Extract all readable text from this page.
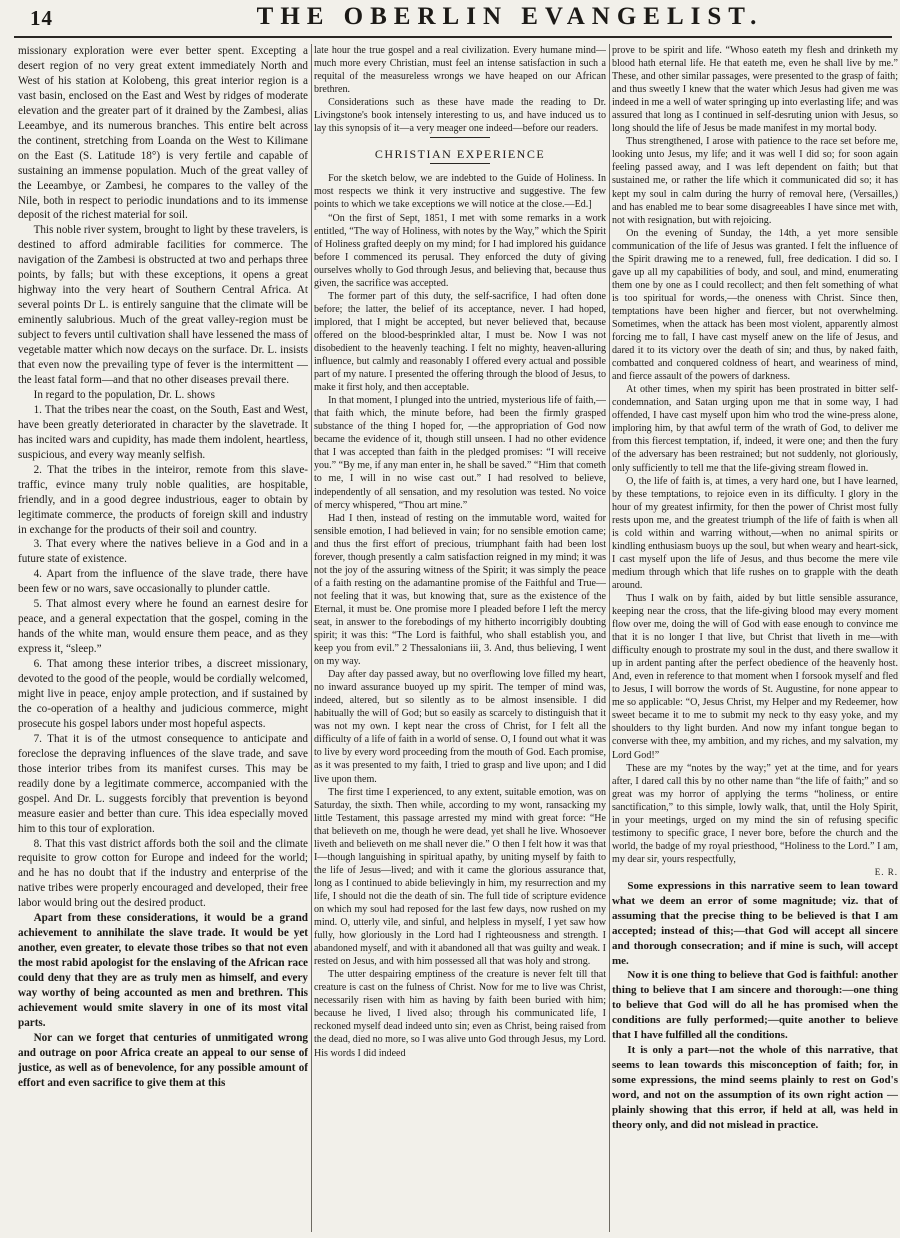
14	THE OBERLIN EVANGELIST.

missionary exploration were ever better spent. Excepting a desert region of no very great extent immediately North and West of his station at Kolobeng, this great interior region is a vast basin, enclosed on the East and West by ridges of moderate elevation and the greater part of it drained by the Zambesi, alias Leeambye, and its numerous branches. This entire belt across the continent, stretching from Loanda on the West to Kilimane on the East (S. Latitude 18°) is very fertile and capable of sustaining an immense population. Much of the great valley of the Leeambye, or Zambesi, he compares to the valley of the Nile, both in respect to periodic inundations and to its immense deposit of the richest material for soil.

This noble river system, brought to light by these travelers, is destined to afford admirable facilities for commerce. The navigation of the Zambesi is obstructed at two and perhaps three points, by falls; but with these exceptions, it opens a great highway into the very heart of Southern Central Africa. At several points Dr L. is entirely sanguine that the climate will be eminently salubrious. Much of the great valley-region must be subject to fevers until cultivation shall have lessened the mass of vegetable matter which now decays on the surface. Dr. L. insists that even now the prevailing type of fever is the intermittent —the least fatal form—and that no other diseases prevail there.

In regard to the population, Dr. L. shows

1. That the tribes near the coast, on the South, East and West, have been greatly deteriorated in character by the slavetrade. It has incited wars and cupidity, has made them indolent, heartless, suspicious, and every way meanly selfish.

2. That the tribes in the inteiror, remote from this slave-traffic, evince many truly noble qualities, are hospitable, friendly, and in a good degree industrious, eager to obtain by legitimate commerce, the products of foreign skill and industry in exchange for the products of their soil and country.

3. That every where the natives believe in a God and in a future state of existence.

4. Apart from the influence of the slave trade, there have been few or no wars, save occasionally to plunder cattle.

5. That almost every where he found an earnest desire for peace, and a general expectation that the gospel, coming in the hands of the white man, would ensure them peace, and as they express it, “sleep.”

6. That among these interior tribes, a discreet missionary, devoted to the good of the people, would be cordially welcomed, might live in peace, enjoy ample protection, and if sustained by the co-operation of a healthy and judicious commerce, might prosecute his gospel labors under most hopeful aspects.

7. That it is of the utmost consequence to anticipate and foreclose the depraving influences of the slave trade, and save those interior tribes from its manifest curses. This may be readily done by a legitimate commerce, accompanied with the gospel. And Dr. L. suggests forcibly that prevention is beyond measure easier and better than cure. This idea especially moved him to this tour of exploration.

8. That this vast district affords both the soil and the climate requisite to grow cotton for Europe and indeed for the world; and he has no doubt that if the industry and enterprise of the native tribes were properly encouraged and developed, their free labor would bring out the desired product.

Apart from these considerations, it would be a grand achievement to annihilate the slave trade. It would be yet another, even greater, to elevate those tribes so that not even the most rabid apologist for the enslaving of the African race could deny that they are as truly men as himself, and every way worthy of being accounted as men and brethren. This achievement would smite slavery in one of its most vital parts.

Nor can we forget that centuries of unmitigated wrong and outrage on poor Africa create an appeal to our sense of justice, as well as of benevolence, for any possible amount of effort and even sacrifice to give them at this

late hour the true gospel and a real civilization. Every humane mind—much more every Christian, must feel an intense satisfaction in such a requital of the measureless wrongs we have heaped on our African brethren.

Considerations such as these have made the reading to Dr. Livingstone's book intensely interesting to us, and have induced us to lay this synopsis of it—a very meager one indeed—before our readers.

CHRISTIAN EXPERIENCE

For the sketch below, we are indebted to the Guide of Holiness. In most respects we think it very instructive and suggestive. The few points to which we take exceptions we will notice at the close.—Ed.]

“On the first of Sept, 1851, I met with some remarks in a work entitled, “The way of Holiness, with notes by the Way,” which the Spirit of Holiness grafted deeply on my mind; for I had implored his guidance before I commenced its perusal. They enforced the duty of giving ourselves wholly to God through Jesus, and believing that, because thus given, the sacrifice was accepted.

The former part of this duty, the self-sacrifice, I had often done before; the latter, the belief of its acceptance, never. I had hoped, implored, that I might be accepted, but never believed that, because offered on the blood-besprinkled altar, I must be. Now I was not disobedient to the heavenly teaching. I felt no mighty, heaven-alluring influence, but calmly and reasonably I offered every actual and possible part of my nature. I presented the offering through the blood of Jesus, to make it first holy, and then acceptable.

In that moment, I plunged into the untried, mysterious life of faith,—that faith which, the minute before, had been the firmly grasped substance of the thing I hoped for, —the appropriation of God now became the evidence of it, though still unseen. I had no other evidence that I was accepted than faith in the pledged promises: “I will receive you.” “By me, if any man enter in, he shall be saved.” “Him that cometh to me, I will in no wise cast out.” I had resolved to believe, independently of all sensation, and my resolution was tested. No voice of mercy whispered, “Thou art mine.”

Had I then, instead of resting on the immutable word, waited for sensible emotion, I had believed in vain; for no sensible emotion came; and thus the first effort of precious, triumphant faith had been lost forever, though presently a calm satisfaction reigned in my mind; it was not the joy of the assuring witness of the Spirit; it was simply the peace of a faith resting on the adamantine promise of the Faithful and True—not feeling that it was, but knowing that, sure as the existence of the Eternal, it must be. One promise more I pleaded before I left the mercy seat, in answer to the forebodings of my hitherto incorrigibly doubting spirit; it was this: “The Lord is faithful, who shall establish you, and keep you from evil.” 2 Thessalonians iii, 3. And, thus believing, I went on my way.

Day after day passed away, but no overflowing love filled my heart, no inward assurance buoyed up my spirit. The temper of mind was, indeed, altered, but so silently as to be almost insensible. I did habitually the will of God; but so easily as scarcely to distinguish that it was not my own. I kept near the cross of Christ, for I felt all the difficulty of a life of faith in a world of sense. O, I found out what it was to live by every word proceeding from the mouth of God. Each promise, as it was presented to my faith, I tried to grasp and live upon; and I did live upon them.

The first time I experienced, to any extent, suitable emotion, was on Saturday, the sixth. Then while, according to my wont, ransacking my little Testament, this passage arrested my mind with great force: “He that believeth on me, though he were dead, yet shall he live. Whosoever liveth and believeth on me shall never die.” O then I felt how it was that I—though languishing in spiritual apathy, by uniting myself by faith to the life of Jesus—lived; and with it came the glorious assurance that, long as I continued to abide believingly in him, my resurrection and my life, I should not die the death of sin. The full tide of scripture evidence on which my soul had reposed for the last few days, now rushed on my mind. O, utterly vile, and sinful, and helpless in myself, I yet saw how fully, how gloriously in the Lord had I righteousness and strength. I abandoned myself, and with it abandoned all that was guilty and weak. I rested on Jesus, and with him possessed all that was holy and strong.

The utter despairing emptiness of the creature is never felt till that creature is cast on the fulness of Christ. Now for me to live was Christ, necessarily risen with him as having by faith been buried with him; because he lived, I lived also; through his communicated life, I reckoned myself dead indeed unto sin; even as Christ, being raised from the dead, died no more, so I was alive unto God through Jesus, my Lord. His words I did indeed

prove to be spirit and life. “Whoso eateth my flesh and drinketh my blood hath eternal life. He that eateth me, even he shall live by me.” These, and other similar passages, were presented to the grasp of faith; and thus sweetly I knew that the water which Jesus had given me was indeed in me a well of water springing up into everlasting life; and was assured that long as I continued in self-desruting union with Jesus, so long should the life of Jesus be made manifest in my mortal body.

Thus strengthened, I arose with patience to the race set before me, looking unto Jesus, my life; and it was well I did so; for soon again feeling passed away, and I was left dependent on faith; but that sustained me, or rather the life which it communicated did so; it has kept my soul in calm during the hurry of removal here, (Versailles,) and has enabled me to bear some disagreeables I have since met with, not with resignation, but with rejoicing.

On the evening of Sunday, the 14th, a yet more sensible communication of the life of Jesus was granted. I felt the influence of the Spirit drawing me to a renewed, full, free dedication. I did so. I gave up all my capabilities of body, and soul, and mind, enumerating them one by one as I could recollect; and then felt something of what is too spiritual for words,—the oneness with Christ. Since then, temptations have been higher and fiercer, but not overwhelming. Sometimes, when the attack has been most violent, apparently almost forcing me to fall, I have cast myself anew on the life of Jesus, and dared it to its victory over the death of sin; and thus, by naked faith, combatted and conquered coldness of heart, and weariness of mind, and fierce assault of the powers of darkness.

At other times, when my spirit has been prostrated in bitter self-condemnation, and Satan urging upon me that in some way, I had offended, I have cast myself upon him who trod the wine-press alone, imploring him, by that awful term of the wrath of God, to deliver me from this fiercest temptation, if, indeed, it were one; and then the fury of the adversary has been restrained; but not suddenly, not gloriously, only sufficiently to tell me that the life-giving stream flowed in.

O, the life of faith is, at times, a very hard one, but I have learned, by these temptations, to rejoice even in its difficulty. I glory in the hour of my greatest infirmity, for then the power of Christ most fully rests upon me, and the greatest triumph of the life of faith is when all is cold within and warring without,—when no animal spirits or kindling enthusiasm buoys up the soul, but when weary and heart-sick, I cast myself upon the life of Jesus, and thus become the mere vile medium through which that life rushes on to grapple with the death around.

Thus I walk on by faith, aided by but little sensible assurance, keeping near the cross, that the life-giving blood may every moment flow over me, doing the will of God with ease enough to convince me that it is no longer I that live, but Christ that liveth in me—with difficulty enough to prostrate my soul in the dust, and there swallow it up in ardent panting after the perfect obedience of the heavenly host. And, even in reference to that moment when I forsook myself and fled to Jesus, I will borrow the words of St. Augustine, for none appear to me so applicable: “O, Jesus Christ, my Helper and my Redeemer, how sweet became it to me to submit my neck to thy easy yoke, and my shoulders to thy light burden. And now my infant tongue began to converse with thee, my ambition, and my riches, and my salvation, my Lord God!”

These are my “notes by the way;” yet at the time, and for years after, I dared call this by no other name than “the life of faith;” and so great was my horror of applying the terms “holiness, or entire sanctification,” to this simple, lowly walk, that, until the Holy Spirit, in your meetings, urged on my mind the sin of refusing specific testimony to specific grace, I never bore, before the church and the world, the badge of my royal priesthood, “Holiness to the Lord.” I am, my dear sir, yours respectfully,

E. R.

Some expressions in this narrative seem to lean toward what we deem an error of some magnitude; viz. that of assuming that the precise thing to be believed is that I am accepted; instead of this;—that God will accept all sincere and thorough consecration; and if mine is such, will accept me.

Now it is one thing to believe that God is faithful: another thing to believe that I am sincere and thorough:—one thing to believe that God will do all he has promised when the conditions are fully performed;—quite another to believe that I have fulfilled all the conditions.

It is only a part—not the whole of this narrative, that seems to lean towards this misconception of faith; for, in some expressions, the mind seems plainly to rest on God's word, and not on the assumption of its own right action —plainly showing that this error, if held at all, was held in theory only, and did not mislead in practice.
